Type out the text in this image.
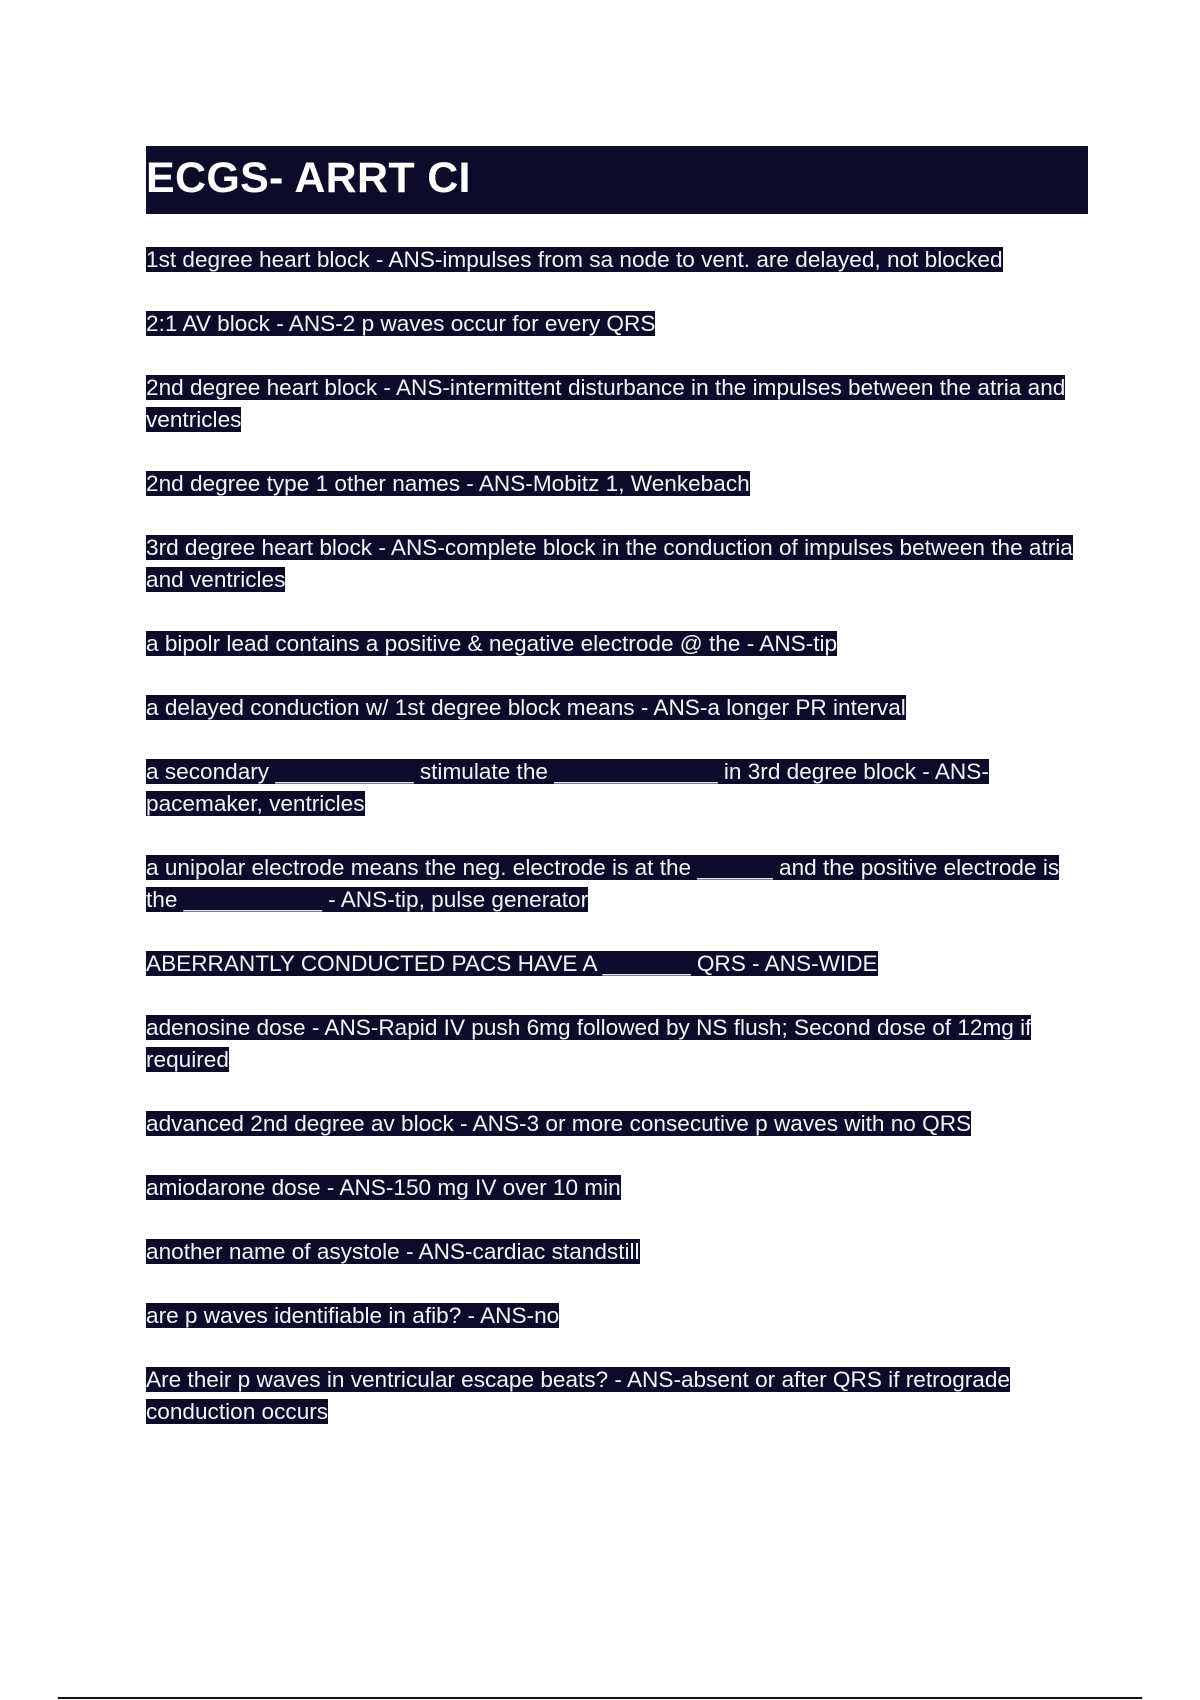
ECGS- ARRT CI

1st degree heart block - ANS-impulses from sa node to vent. are delayed, not blocked

2:1 AV block - ANS-2 p waves occur for every QRS

2nd degree heart block - ANS-intermittent disturbance in the impulses between the atria and ventricles

2nd degree type 1 other names - ANS-Mobitz 1, Wenkebach

3rd degree heart block - ANS-complete block in the conduction of impulses between the atria and ventricles

a bipolr lead contains a positive & negative electrode @ the - ANS-tip

a delayed conduction w/ 1st degree block means - ANS-a longer PR interval

a secondary ___________ stimulate the _____________ in 3rd degree block - ANS-pacemaker, ventricles

a unipolar electrode means the neg. electrode is at the ______ and the positive electrode is the ___________ - ANS-tip, pulse generator

ABERRANTLY CONDUCTED PACS HAVE A _______ QRS - ANS-WIDE

adenosine dose - ANS-Rapid IV push 6mg followed by NS flush; Second dose of 12mg if required

advanced 2nd degree av block - ANS-3 or more consecutive p waves with no QRS

amiodarone dose - ANS-150 mg IV over 10 min

another name of asystole - ANS-cardiac standstill

are p waves identifiable in afib? - ANS-no

Are their p waves in ventricular escape beats? - ANS-absent or after QRS if retrograde conduction occurs
